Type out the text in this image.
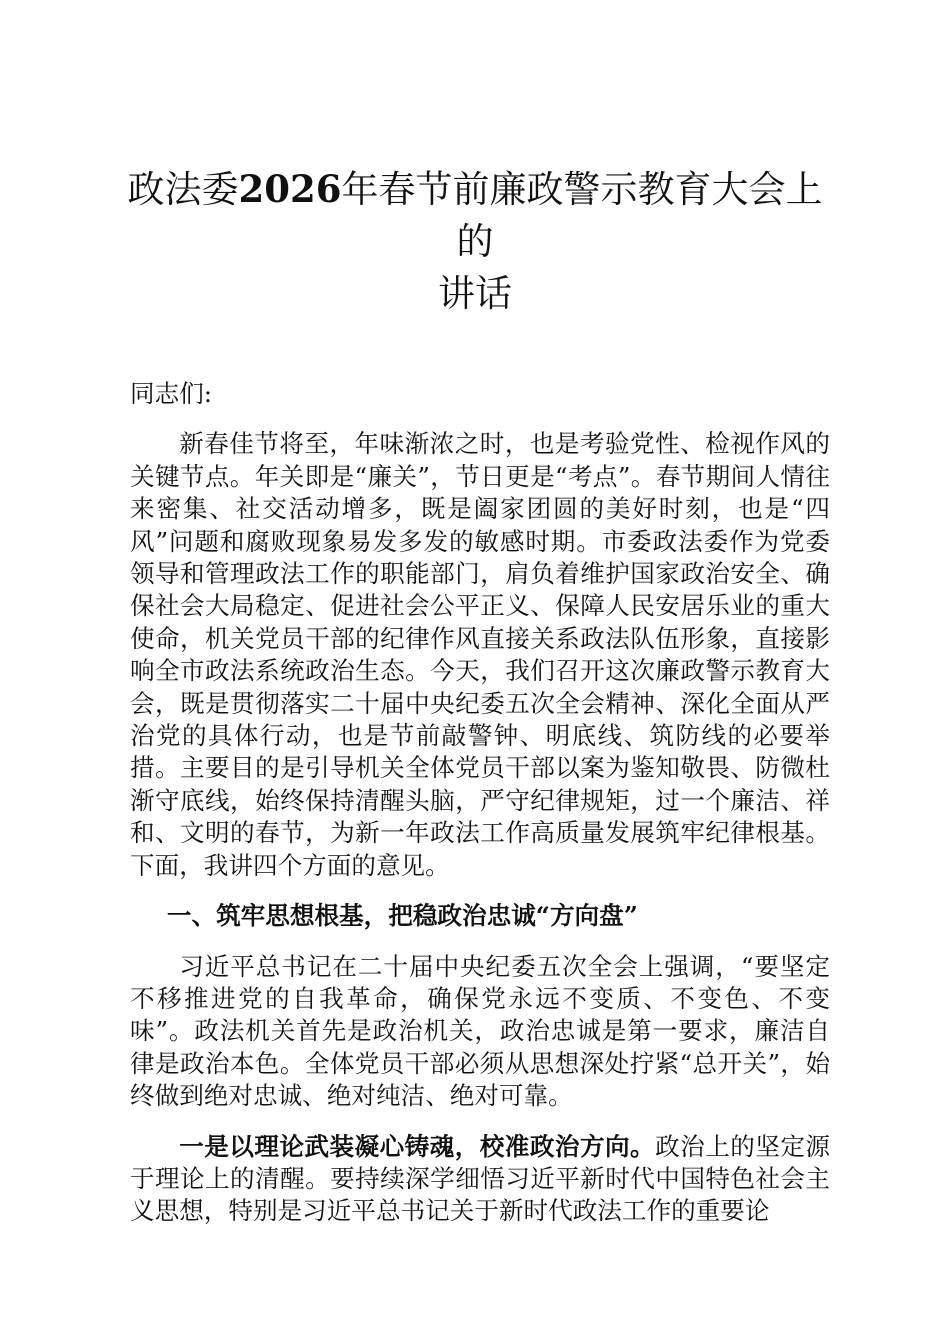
政法委2026年春节前廉政警示教育大会上的
讲话

同志们:

新春佳节将至，年味渐浓之时，也是考验党性、检视作风的关键节点。年关即是“廉关”，节日更是“考点”。春节期间人情往来密集、社交活动增多，既是阖家团圆的美好时刻，也是“四风”问题和腐败现象易发多发的敏感时期。市委政法委作为党委领导和管理政法工作的职能部门，肩负着维护国家政治安全、确保社会大局稳定、促进社会公平正义、保障人民安居乐业的重大使命，机关党员干部的纪律作风直接关系政法队伍形象，直接影响全市政法系统政治生态。今天，我们召开这次廉政警示教育大会，既是贯彻落实二十届中央纪委五次全会精神、深化全面从严治党的具体行动，也是节前敲警钟、明底线、筑防线的必要举措。主要目的是引导机关全体党员干部以案为鉴知敬畏、防微杜渐守底线，始终保持清醒头脑，严守纪律规矩，过一个廉洁、祥和、文明的春节，为新一年政法工作高质量发展筑牢纪律根基。下面，我讲四个方面的意见。

一、筑牢思想根基，把稳政治忠诚“方向盘”

习近平总书记在二十届中央纪委五次全会上强调，“要坚定不移推进党的自我革命，确保党永远不变质、不变色、不变味”。政法机关首先是政治机关，政治忠诚是第一要求，廉洁自律是政治本色。全体党员干部必须从思想深处拧紧“总开关”，始终做到绝对忠诚、绝对纯洁、绝对可靠。

一是以理论武装凝心铸魂，校准政治方向。政治上的坚定源于理论上的清醒。要持续深学细悟习近平新时代中国特色社会主义思想，特别是习近平总书记关于新时代政法工作的重要论
